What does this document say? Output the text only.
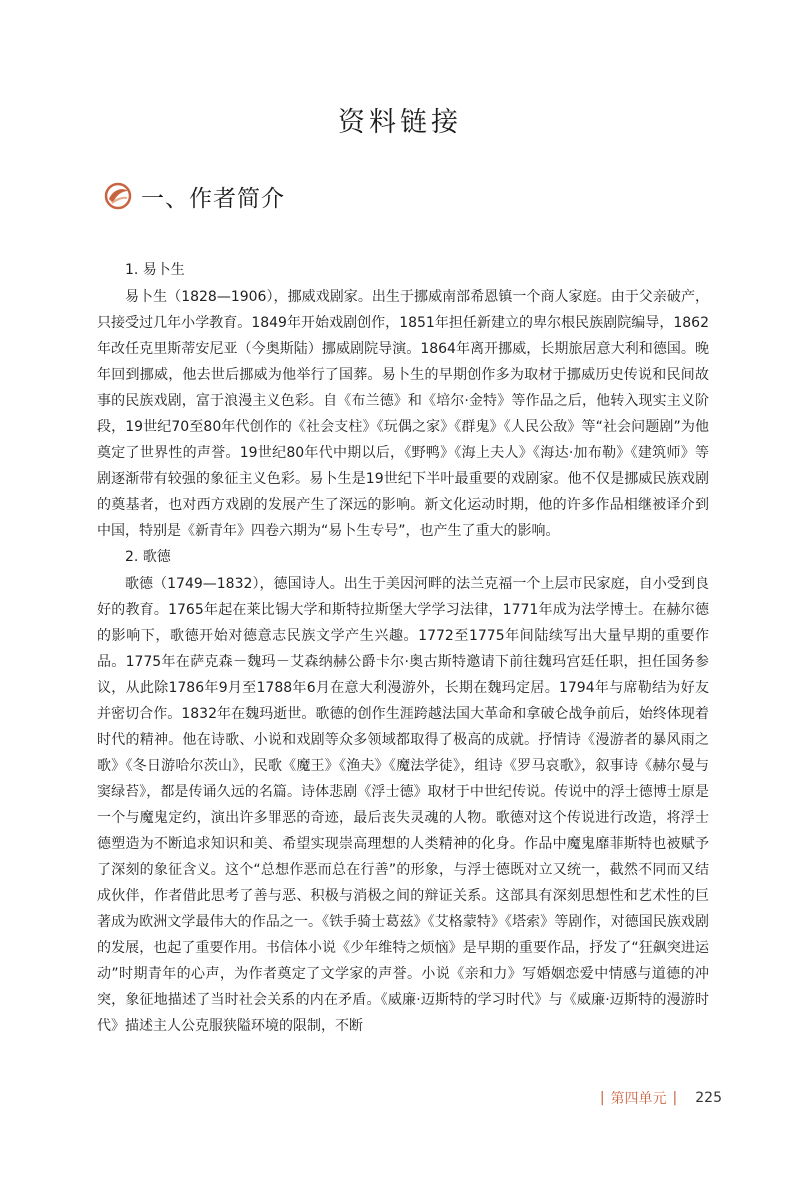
资料链接
一、作者简介

1. 易卜生

易卜生（1828—1906），挪威戏剧家。出生于挪威南部希恩镇一个商人家庭。由于父亲破产，只接受过几年小学教育。1849年开始戏剧创作，1851年担任新建立的卑尔根民族剧院编导，1862年改任克里斯蒂安尼亚（今奥斯陆）挪威剧院导演。1864年离开挪威，长期旅居意大利和德国。晚年回到挪威，他去世后挪威为他举行了国葬。易卜生的早期创作多为取材于挪威历史传说和民间故事的民族戏剧，富于浪漫主义色彩。自《布兰德》和《培尔·金特》等作品之后，他转入现实主义阶段，19世纪70至80年代创作的《社会支柱》《玩偶之家》《群鬼》《人民公敌》等“社会问题剧”为他奠定了世界性的声誉。19世纪80年代中期以后，《野鸭》《海上夫人》《海达·加布勒》《建筑师》等剧逐渐带有较强的象征主义色彩。易卜生是19世纪下半叶最重要的戏剧家。他不仅是挪威民族戏剧的奠基者，也对西方戏剧的发展产生了深远的影响。新文化运动时期，他的许多作品相继被译介到中国，特别是《新青年》四卷六期为“易卜生专号”，也产生了重大的影响。

2. 歌德

歌德（1749—1832），德国诗人。出生于美因河畔的法兰克福一个上层市民家庭，自小受到良好的教育。1765年起在莱比锡大学和斯特拉斯堡大学学习法律，1771年成为法学博士。在赫尔德的影响下，歌德开始对德意志民族文学产生兴趣。1772至1775年间陆续写出大量早期的重要作品。1775年在萨克森－魏玛－艾森纳赫公爵卡尔·奥古斯特邀请下前往魏玛宫廷任职，担任国务参议，从此除1786年9月至1788年6月在意大利漫游外，长期在魏玛定居。1794年与席勒结为好友并密切合作。1832年在魏玛逝世。歌德的创作生涯跨越法国大革命和拿破仑战争前后，始终体现着时代的精神。他在诗歌、小说和戏剧等众多领域都取得了极高的成就。抒情诗《漫游者的暴风雨之歌》《冬日游哈尔茨山》，民歌《魔王》《渔夫》《魔法学徒》，组诗《罗马哀歌》，叙事诗《赫尔曼与窦绿苔》，都是传诵久远的名篇。诗体悲剧《浮士德》取材于中世纪传说。传说中的浮士德博士原是一个与魔鬼定约，演出许多罪恶的奇迹，最后丧失灵魂的人物。歌德对这个传说进行改造，将浮士德塑造为不断追求知识和美、希望实现崇高理想的人类精神的化身。作品中魔鬼靡菲斯特也被赋予了深刻的象征含义。这个“总想作恶而总在行善”的形象，与浮士德既对立又统一，截然不同而又结成伙伴，作者借此思考了善与恶、积极与消极之间的辩证关系。这部具有深刻思想性和艺术性的巨著成为欧洲文学最伟大的作品之一。《铁手骑士葛兹》《艾格蒙特》《塔索》等剧作，对德国民族戏剧的发展，也起了重要作用。书信体小说《少年维特之烦恼》是早期的重要作品，抒发了“狂飙突进运动”时期青年的心声，为作者奠定了文学家的声誉。小说《亲和力》写婚姻恋爱中情感与道德的冲突，象征地描述了当时社会关系的内在矛盾。《威廉·迈斯特的学习时代》与《威廉·迈斯特的漫游时代》描述主人公克服狭隘环境的限制，不断

| 第四单元 | 225
